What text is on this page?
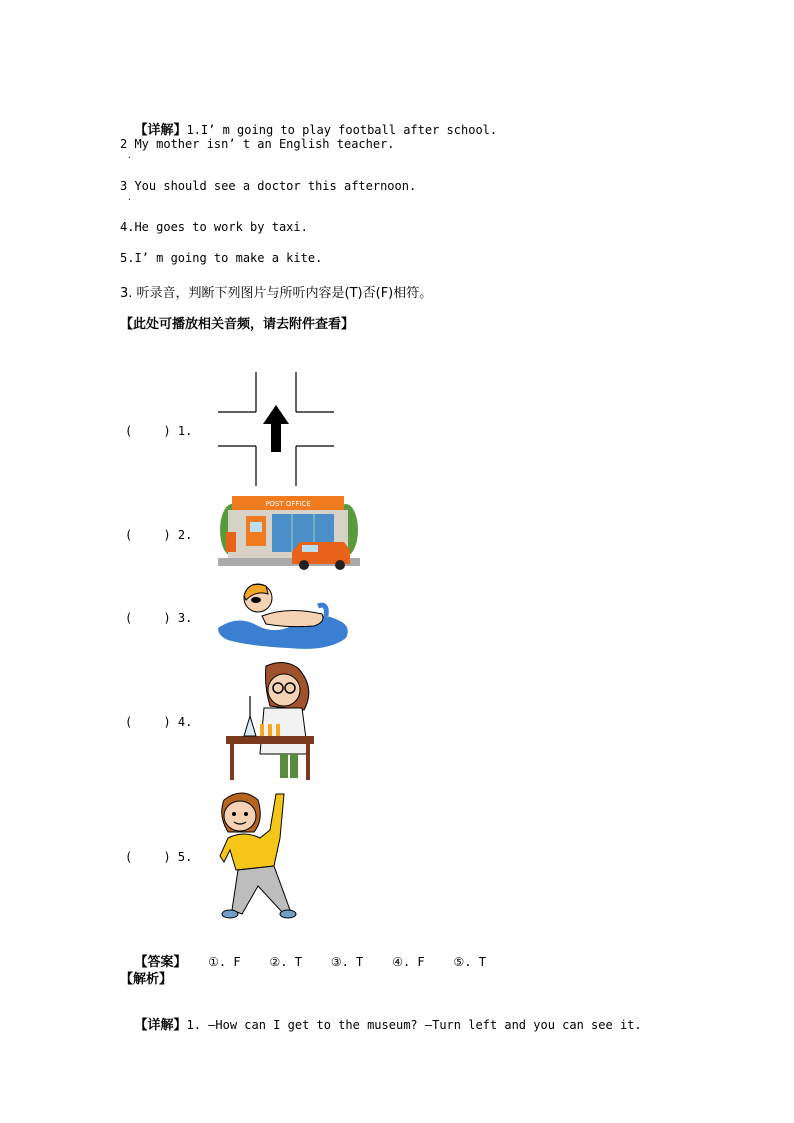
【详解】1.I’ m going to play football after school.

2 My mother isn’ t an English teacher.
·
3 You should see a doctor this afternoon.
·
4.He goes to work by taxi.
5.I’ m going to make a kite.
3. 听录音，判断下列图片与所听内容是(T)否(F)相符。
【此处可播放相关音频，请去附件查看】
(　　 ) 1.
(　　 ) 2.
POST OFFICE
(　　 ) 3.
(　　 ) 4.
(　　 ) 5.

【答案】 ①. F ②. T ③. T ④. F ⑤. T

【解析】

【详解】1. —How can I get to the museum? —Turn left and you can see it.
